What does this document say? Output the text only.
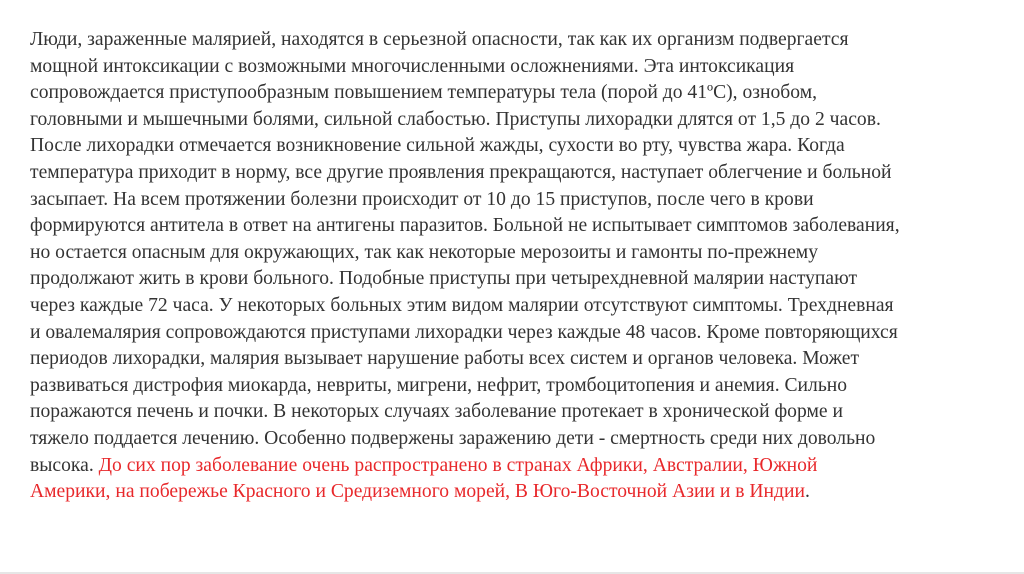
Люди, зараженные малярией, находятся в серьезной опасности, так как их организм подвергается
мощной интоксикации с возможными многочисленными осложнениями. Эта интоксикация
сопровождается приступообразным повышением температуры тела (порой до 41ºС), ознобом,
головными и мышечными болями, сильной слабостью. Приступы лихорадки длятся от 1,5 до 2 часов.
После лихорадки отмечается возникновение сильной жажды, сухости во рту, чувства жара. Когда
температура приходит в норму, все другие проявления прекращаются, наступает облегчение и больной
засыпает. На всем протяжении болезни происходит от 10 до 15 приступов, после чего в крови
формируются антитела в ответ на антигены паразитов. Больной не испытывает симптомов заболевания,
но остается опасным для окружающих, так как некоторые мерозоиты и гамонты по-прежнему
продолжают жить в крови больного. Подобные приступы при четырехдневной малярии наступают
через каждые 72 часа. У некоторых больных этим видом малярии отсутствуют симптомы. Трехдневная
и овалемалярия сопровождаются приступами лихорадки через каждые 48 часов. Кроме повторяющихся
периодов лихорадки, малярия вызывает нарушение работы всех систем и органов человека. Может
развиваться дистрофия миокарда, невриты, мигрени, нефрит, тромбоцитопения и анемия. Сильно
поражаются печень и почки. В некоторых случаях заболевание протекает в хронической форме и
тяжело поддается лечению. Особенно подвержены заражению дети - смертность среди них довольно
высока. До сих пор заболевание очень распространено в странах Африки, Австралии, Южной
Америки, на побережье Красного и Средиземного морей, В Юго-Восточной Азии и в Индии.
